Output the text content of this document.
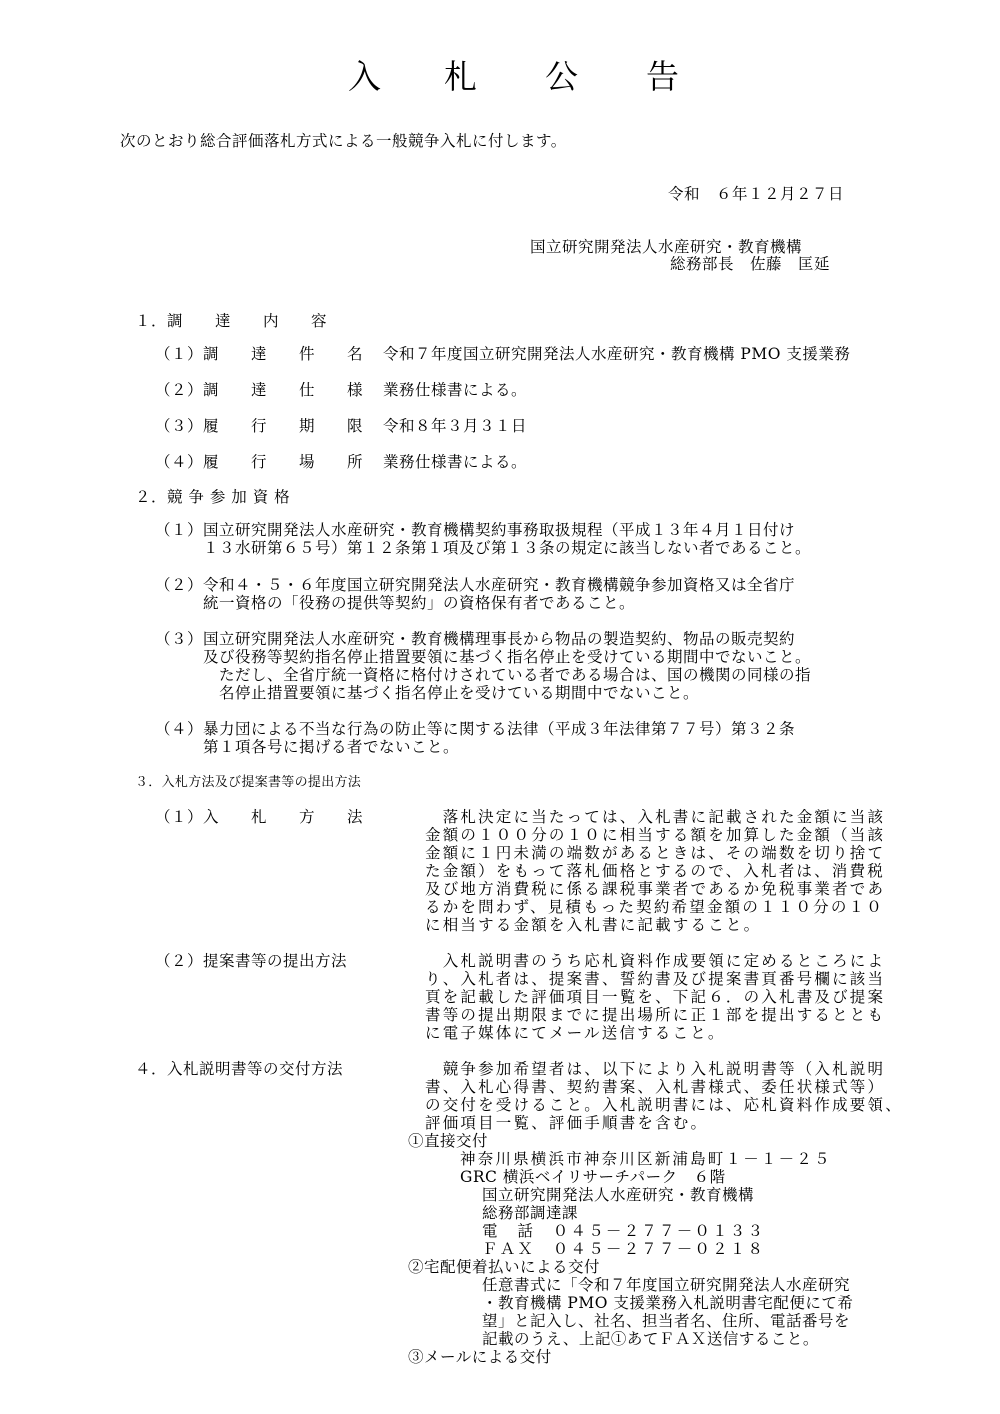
入 札 公 告
次のとおり総合評価落札方式による一般競争入札に付します。
令和　６年１２月２７日
国立研究開発法人水産研究・教育機構
総務部長　佐藤　匡延
１．調　　達　　内　　容
（１）調　　達　　件　　名 令和７年度国立研究開発法人水産研究・教育機構 PMO 支援業務
（２）調　　達　　仕　　様 業務仕様書による。
（３）履　　行　　期　　限 令和８年３月３１日
（４）履　　行　　場　　所 業務仕様書による。
２．競 争 参 加 資 格
（１）国立研究開発法人水産研究・教育機構契約事務取扱規程（平成１３年４月１日付け
　　　１３水研第６５号）第１２条第１項及び第１３条の規定に該当しない者であること。
（２）令和４・５・６年度国立研究開発法人水産研究・教育機構競争参加資格又は全省庁
　　　統一資格の「役務の提供等契約」の資格保有者であること。
（３）国立研究開発法人水産研究・教育機構理事長から物品の製造契約、物品の販売契約
　　　及び役務等契約指名停止措置要領に基づく指名停止を受けている期間中でないこと。
　　　　ただし、全省庁統一資格に格付けされている者である場合は、国の機関の同様の指
　　　　名停止措置要領に基づく指名停止を受けている期間中でないこと。
（４）暴力団による不当な行為の防止等に関する法律（平成３年法律第７７号）第３２条
　　　第１項各号に掲げる者でないこと。
３．入札方法及び提案書等の提出方法
（１）入　　札　　方　　法	　落札決定に当たっては、入札書に記載された金額に当該
金額の１００分の１０に相当する額を加算した金額（当該
金額に１円未満の端数があるときは、その端数を切り捨て
た金額）をもって落札価格とするので、入札者は、消費税
及び地方消費税に係る課税事業者であるか免税事業者であ
るかを問わず、見積もった契約希望金額の１１０分の１０
に相当する金額を入札書に記載すること。
（２）提案書等の提出方法	　入札説明書のうち応札資料作成要領に定めるところによ
り、入札者は、提案書、誓約書及び提案書頁番号欄に該当
頁を記載した評価項目一覧を、下記６．の入札書及び提案
書等の提出期限までに提出場所に正１部を提出するととも
に電子媒体にてメール送信すること。
４．入札説明書等の交付方法	　競争参加希望者は、以下により入札説明書等（入札説明
書、入札心得書、契約書案、入札書様式、委任状様式等）
の交付を受けること。入札説明書には、応札資料作成要領、
評価項目一覧、評価手順書を含む。
①直接交付
神奈川県横浜市神奈川区新浦島町１－１－２５
GRC 横浜ベイリサーチパーク　６階
国立研究開発法人水産研究・教育機構
総務部調達課
電　話　０４５－２７７－０１３３
ＦＡＸ　０４５－２７７－０２１８
②宅配便着払いによる交付
任意書式に「令和７年度国立研究開発法人水産研究
・教育機構 PMO 支援業務入札説明書宅配便にて希
望」と記入し、社名、担当者名、住所、電話番号を
記載のうえ、上記①あてＦＡＸ送信すること。
③メールによる交付
